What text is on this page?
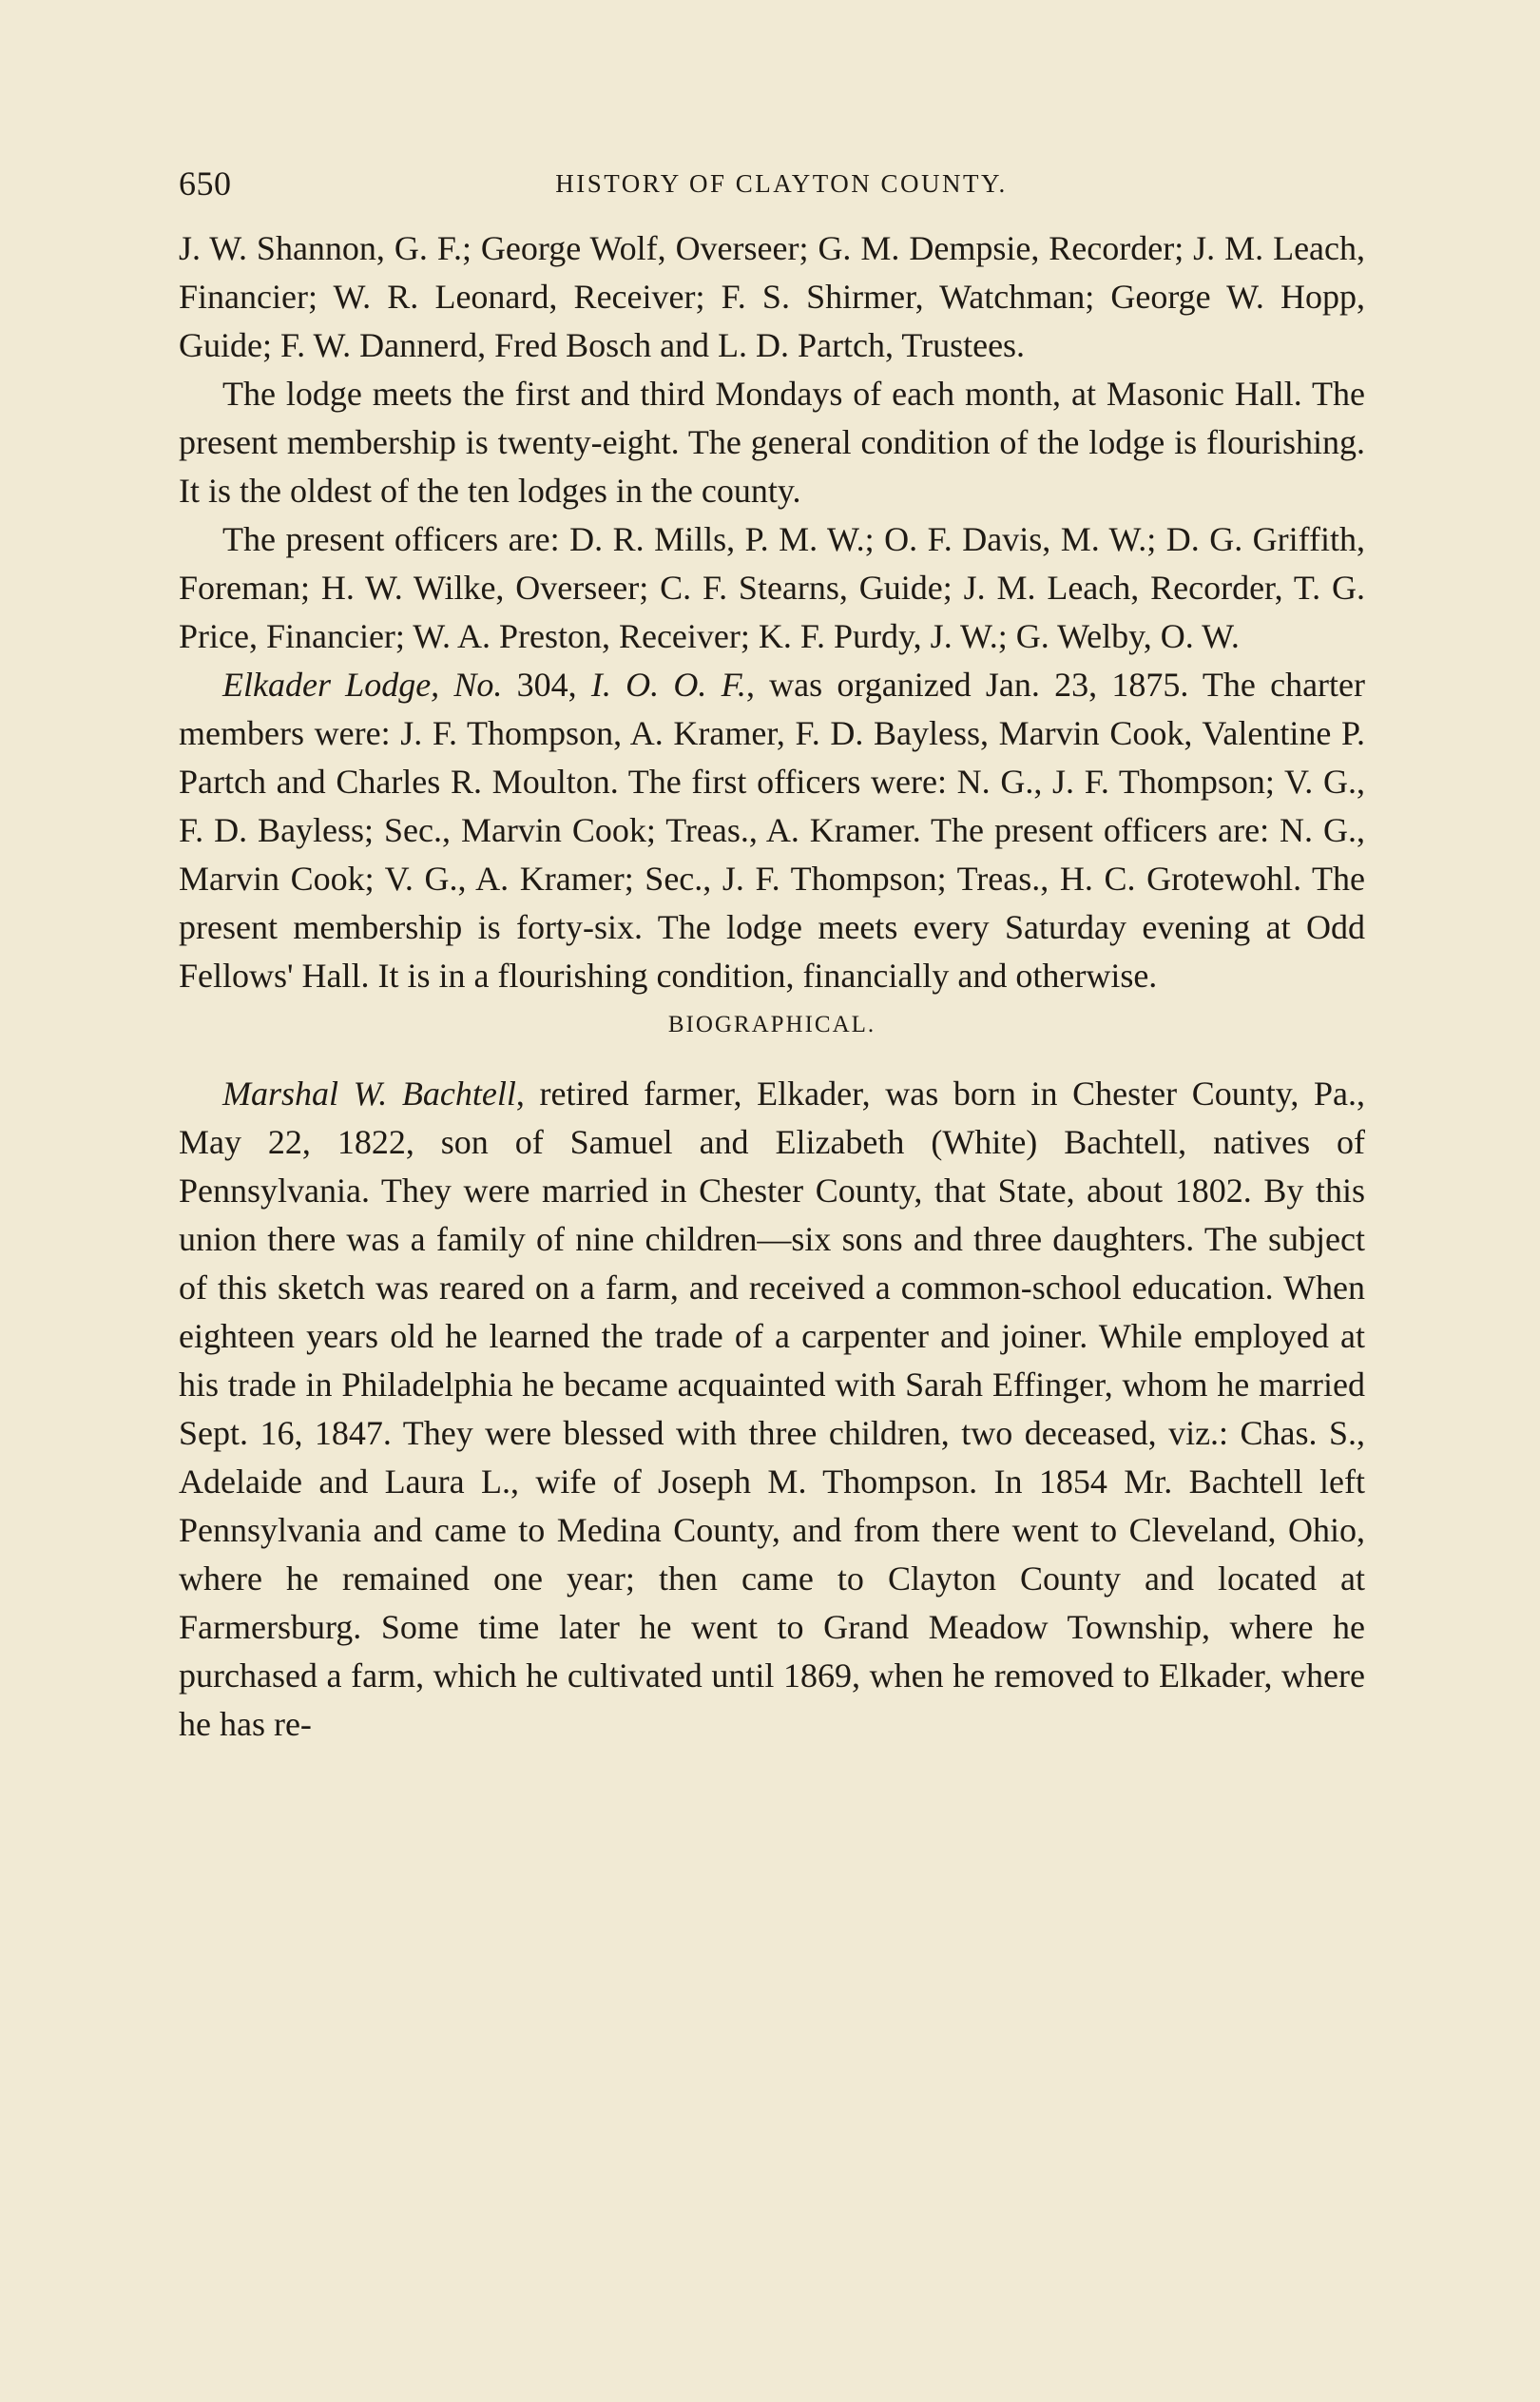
650	HISTORY OF CLAYTON COUNTY.

J. W. Shannon, G. F.; George Wolf, Overseer; G. M. Dempsie, Recorder; J. M. Leach, Financier; W. R. Leonard, Receiver; F. S. Shirmer, Watchman; George W. Hopp, Guide; F. W. Dannerd, Fred Bosch and L. D. Partch, Trustees.

The lodge meets the first and third Mondays of each month, at Masonic Hall. The present membership is twenty-eight. The general condition of the lodge is flourishing. It is the oldest of the ten lodges in the county.

The present officers are: D. R. Mills, P. M. W.; O. F. Davis, M. W.; D. G. Griffith, Foreman; H. W. Wilke, Overseer; C. F. Stearns, Guide; J. M. Leach, Recorder, T. G. Price, Financier; W. A. Preston, Receiver; K. F. Purdy, J. W.; G. Welby, O. W.

Elkader Lodge, No. 304, I. O. O. F., was organized Jan. 23, 1875. The charter members were: J. F. Thompson, A. Kramer, F. D. Bayless, Marvin Cook, Valentine P. Partch and Charles R. Moulton. The first officers were: N. G., J. F. Thompson; V. G., F. D. Bayless; Sec., Marvin Cook; Treas., A. Kramer. The present officers are: N. G., Marvin Cook; V. G., A. Kramer; Sec., J. F. Thompson; Treas., H. C. Grotewohl. The present membership is forty-six. The lodge meets every Saturday evening at Odd Fellows' Hall. It is in a flourishing condition, financially and otherwise.

BIOGRAPHICAL.

Marshal W. Bachtell, retired farmer, Elkader, was born in Chester County, Pa., May 22, 1822, son of Samuel and Elizabeth (White) Bachtell, natives of Pennsylvania. They were married in Chester County, that State, about 1802. By this union there was a family of nine children—six sons and three daughters. The subject of this sketch was reared on a farm, and received a common-school education. When eighteen years old he learned the trade of a carpenter and joiner. While employed at his trade in Philadelphia he became acquainted with Sarah Effinger, whom he married Sept. 16, 1847. They were blessed with three children, two deceased, viz.: Chas. S., Adelaide and Laura L., wife of Joseph M. Thompson. In 1854 Mr. Bachtell left Pennsylvania and came to Medina County, and from there went to Cleveland, Ohio, where he remained one year; then came to Clayton County and located at Farmersburg. Some time later he went to Grand Meadow Township, where he purchased a farm, which he cultivated until 1869, when he removed to Elkader, where he has re-
